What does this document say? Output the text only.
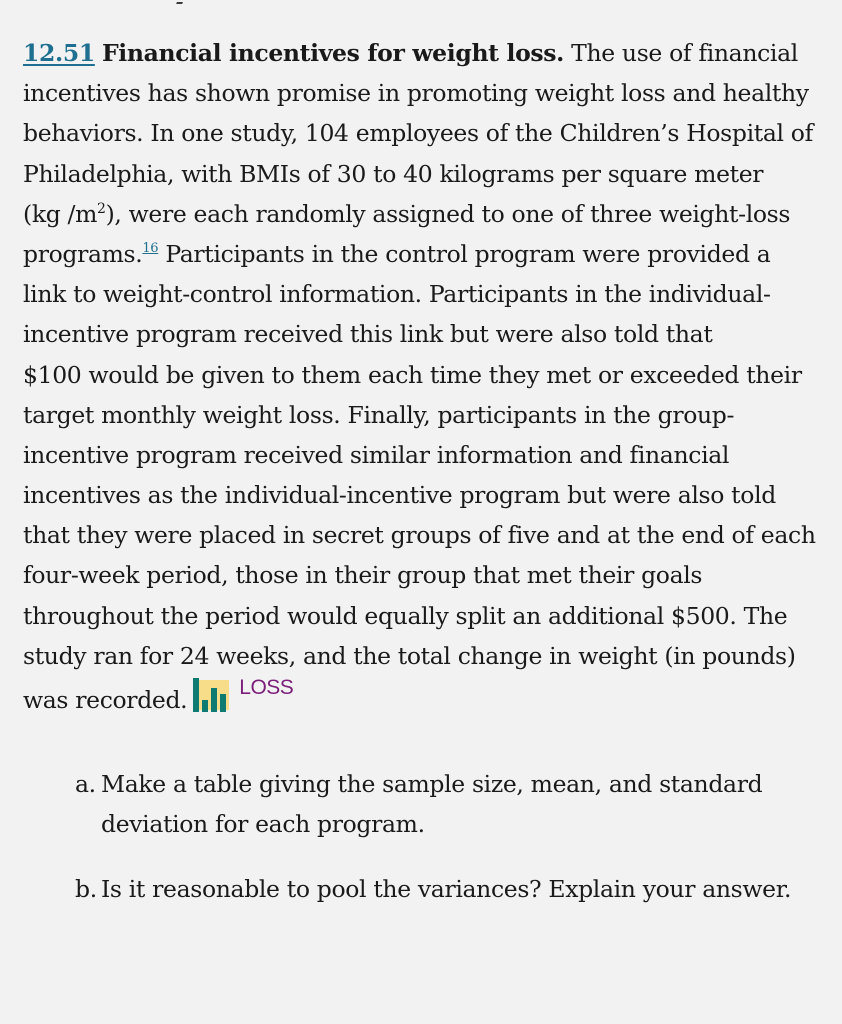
12.51 Financial incentives for weight loss. The use of financial
incentives has shown promise in promoting weight loss and healthy
behaviors. In one study, 104 employees of the Children’s Hospital of
Philadelphia, with BMIs of 30 to 40 kilograms per square meter
(kg $/m^2$), were each randomly assigned to one of three weight-loss
programs.$^{16}$ Participants in the control program were provided a
link to weight-control information. Participants in the individual-
incentive program received this link but were also told that
$100 would be given to them each time they met or exceeded their
target monthly weight loss. Finally, participants in the group-
incentive program received similar information and financial
incentives as the individual-incentive program but were also told
that they were placed in secret groups of five and at the end of each
four-week period, those in their group that met their goals
throughout the period would equally split an additional $500. The
study ran for 24 weeks, and the total change in weight (in pounds)
was recorded. LOSS
a. Make a table giving the sample size, mean, and standard deviation for each program.
b. Is it reasonable to pool the variances? Explain your answer.
